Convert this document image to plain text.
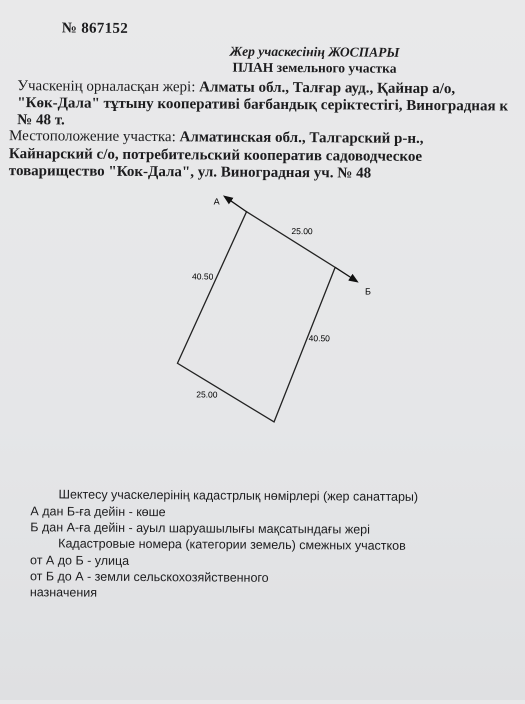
№ 867152
Жер учаскесінің ЖОСПАРЫ
ПЛАН земельного участка
Учаскенің орналасқан жері: Алматы обл., Талғар ауд., Қайнар а/о,
"Көк-Дала" тұтыну кооперативі бағбандық серіктестігі, Виноградная к
№ 48 т.
Местоположение участка: Алматинская обл., Талгарский р-н.,
Кайнарский с/о, потребительский кооператив садоводческое
товарищество "Кок-Дала", ул. Виноградная уч. № 48
А
Б
25.00
40.50
40.50
25.00
Шектесу учаскелерінің кадастрлық нөмірлері (жер санаттары)
А дан Б-ға дейін - көше
Б дан А-ға дейін - ауыл шаруашылығы мақсатындағы жері
Кадастровые номера (категории земель) смежных участков
от А до Б - улица
от Б до А - земли сельскохозяйственного
назначения
